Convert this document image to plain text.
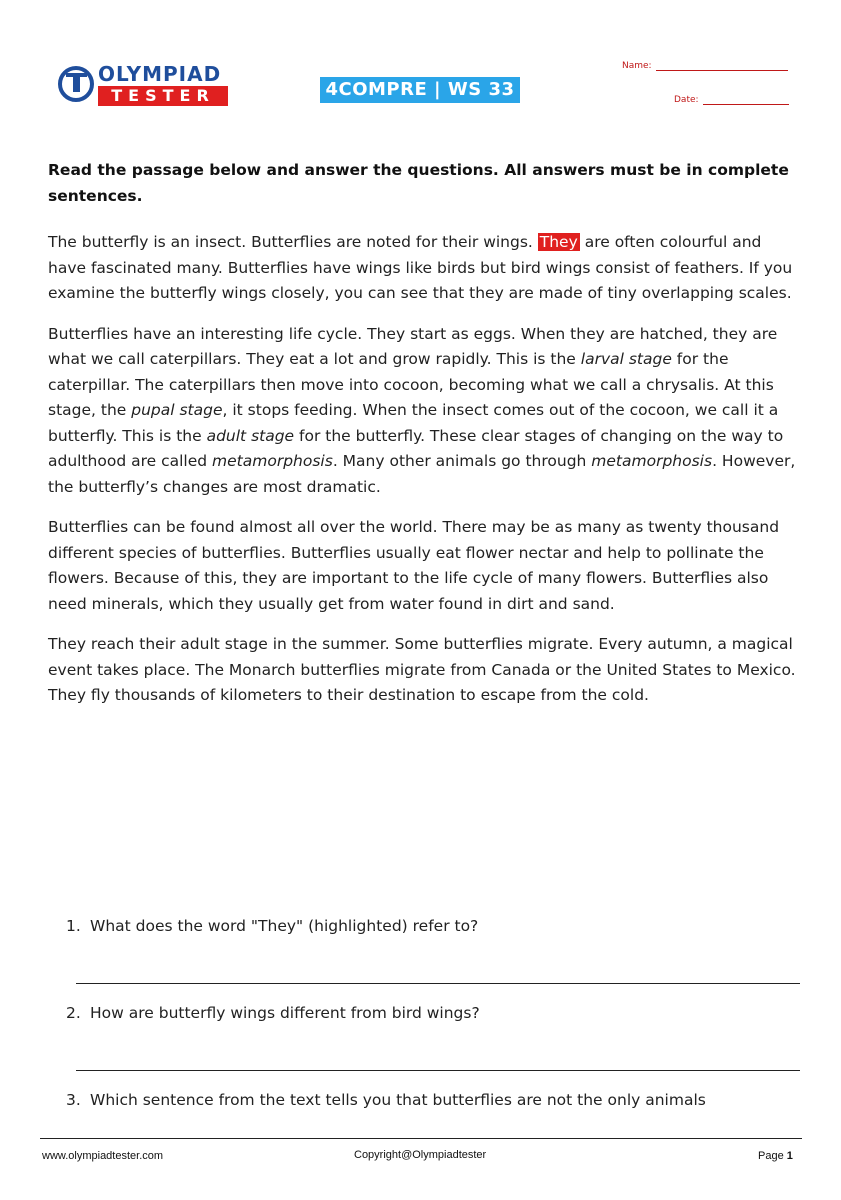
OLYMPIAD
TESTER	4COMPRE | WS 33
Name:
Date:
Read the passage below and answer the questions. All answers must be in complete sentences.

The butterfly is an insect. Butterflies are noted for their wings. They are often colourful and have fascinated many. Butterflies have wings like birds but bird wings consist of feathers. If you examine the butterfly wings closely, you can see that they are made of tiny overlapping scales.

Butterflies have an interesting life cycle. They start as eggs. When they are hatched, they are what we call caterpillars. They eat a lot and grow rapidly. This is the larval stage for the caterpillar. The caterpillars then move into cocoon, becoming what we call a chrysalis. At this stage, the pupal stage, it stops feeding. When the insect comes out of the cocoon, we call it a butterfly. This is the adult stage for the butterfly. These clear stages of changing on the way to adulthood are called metamorphosis. Many other animals go through metamorphosis. However, the butterfly’s changes are most dramatic.

Butterflies can be found almost all over the world. There may be as many as twenty thousand different species of butterflies. Butterflies usually eat flower nectar and help to pollinate the flowers. Because of this, they are important to the life cycle of many flowers. Butterflies also need minerals, which they usually get from water found in dirt and sand.

They reach their adult stage in the summer. Some butterflies migrate. Every autumn, a magical event takes place. The Monarch butterflies migrate from Canada or the United States to Mexico. They fly thousands of kilometers to their destination to escape from the cold.

1. What does the word "They" (highlighted) refer to?
2. How are butterfly wings different from bird wings?
3. Which sentence from the text tells you that butterflies are not the only animals
www.olympiadtester.com	Copyright@Olympiadtester	Page 1
